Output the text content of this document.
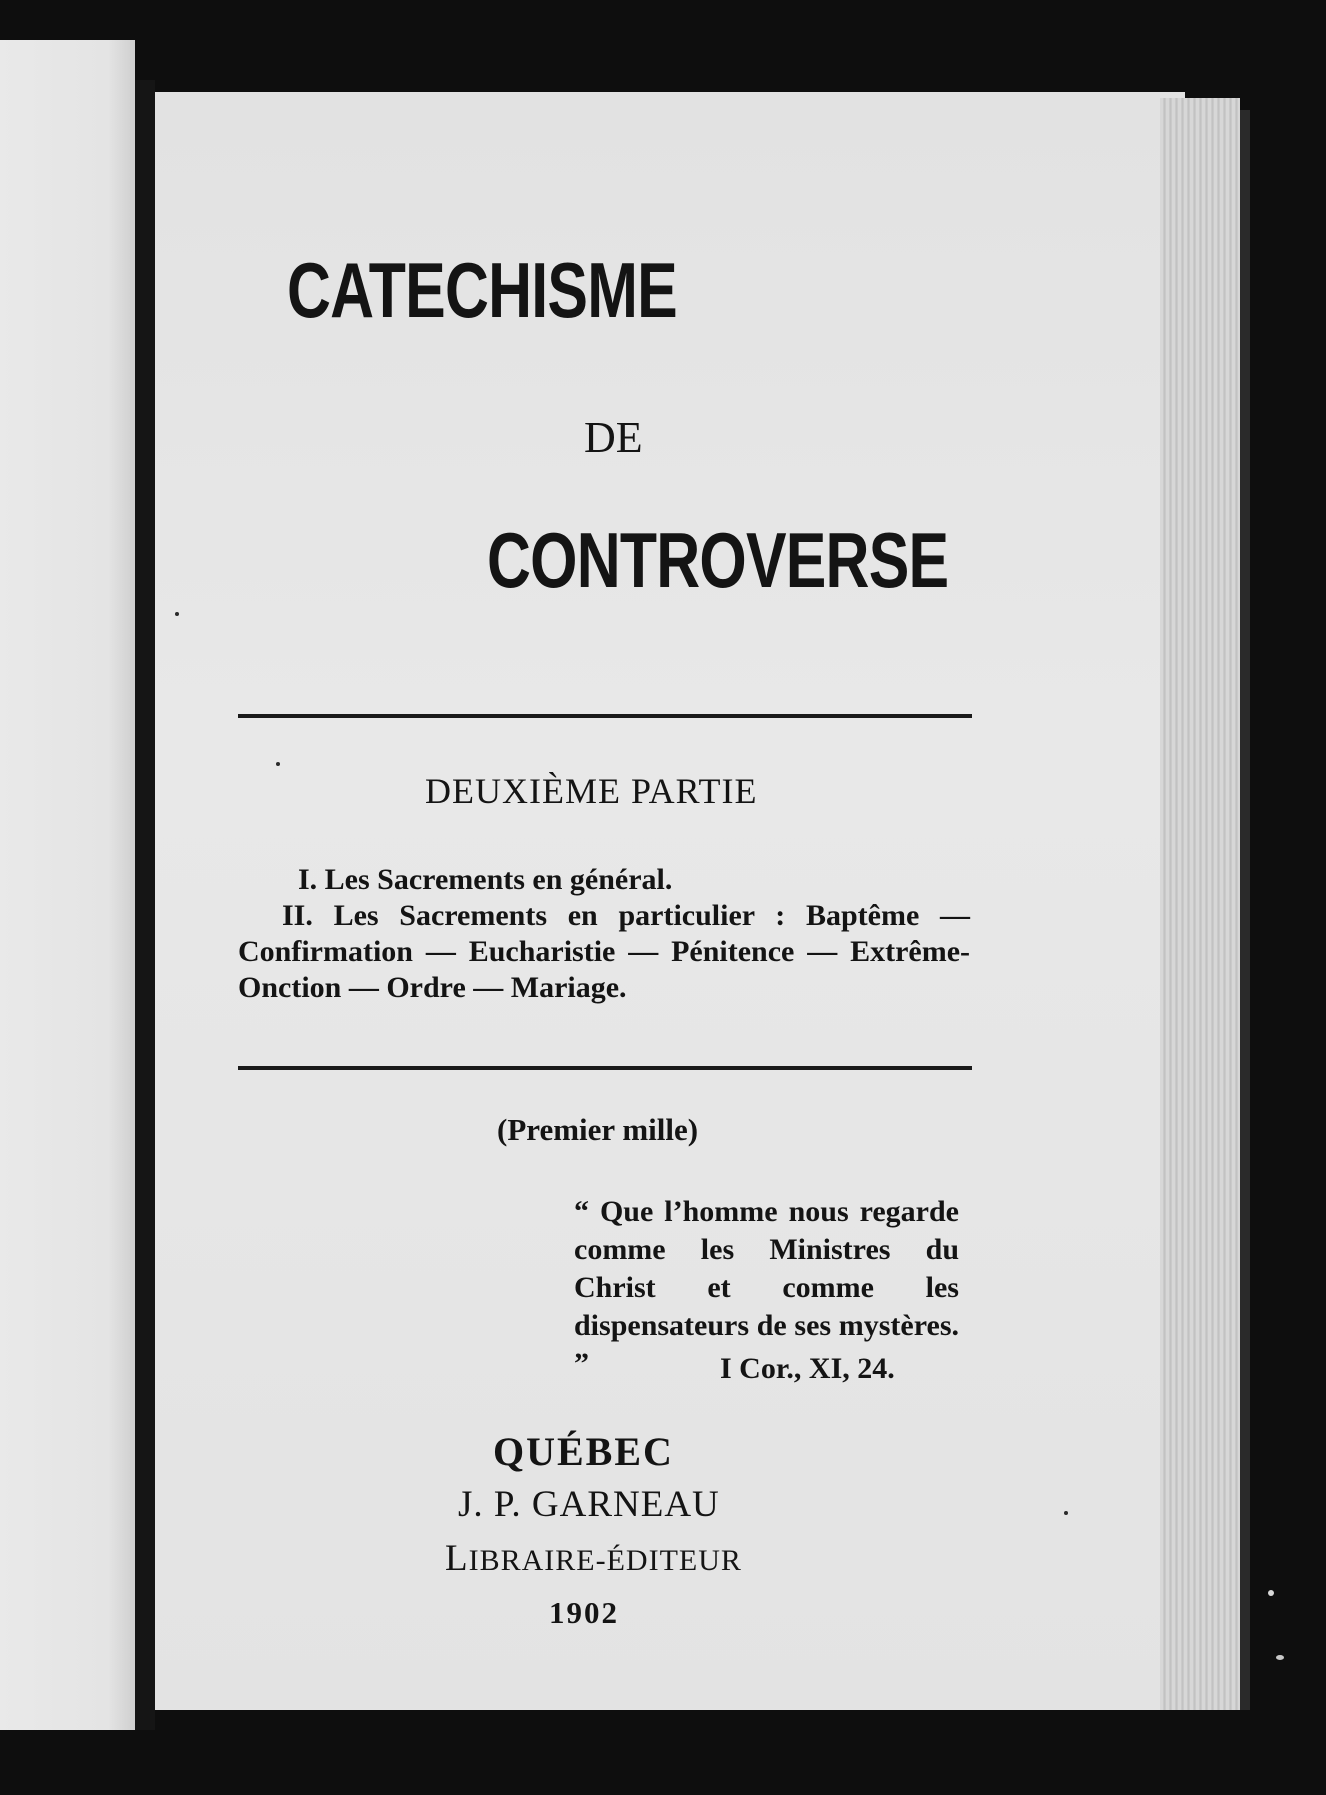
CATECHISME
DE
CONTROVERSE
DEUXIÈME PARTIE
I. Les Sacrements en général.
II. Les Sacrements en particulier : Baptême — Confirmation — Eucharistie — Pénitence — Extrême-Onction — Ordre — Mariage.
(Premier mille)
“ Que l’homme nous regarde comme les Ministres du Christ et comme les dispensateurs de ses mystères. ”	I Cor., XI, 24.
QUÉBEC
J. P. GARNEAU
LIBRAIRE-ÉDITEUR
1902
